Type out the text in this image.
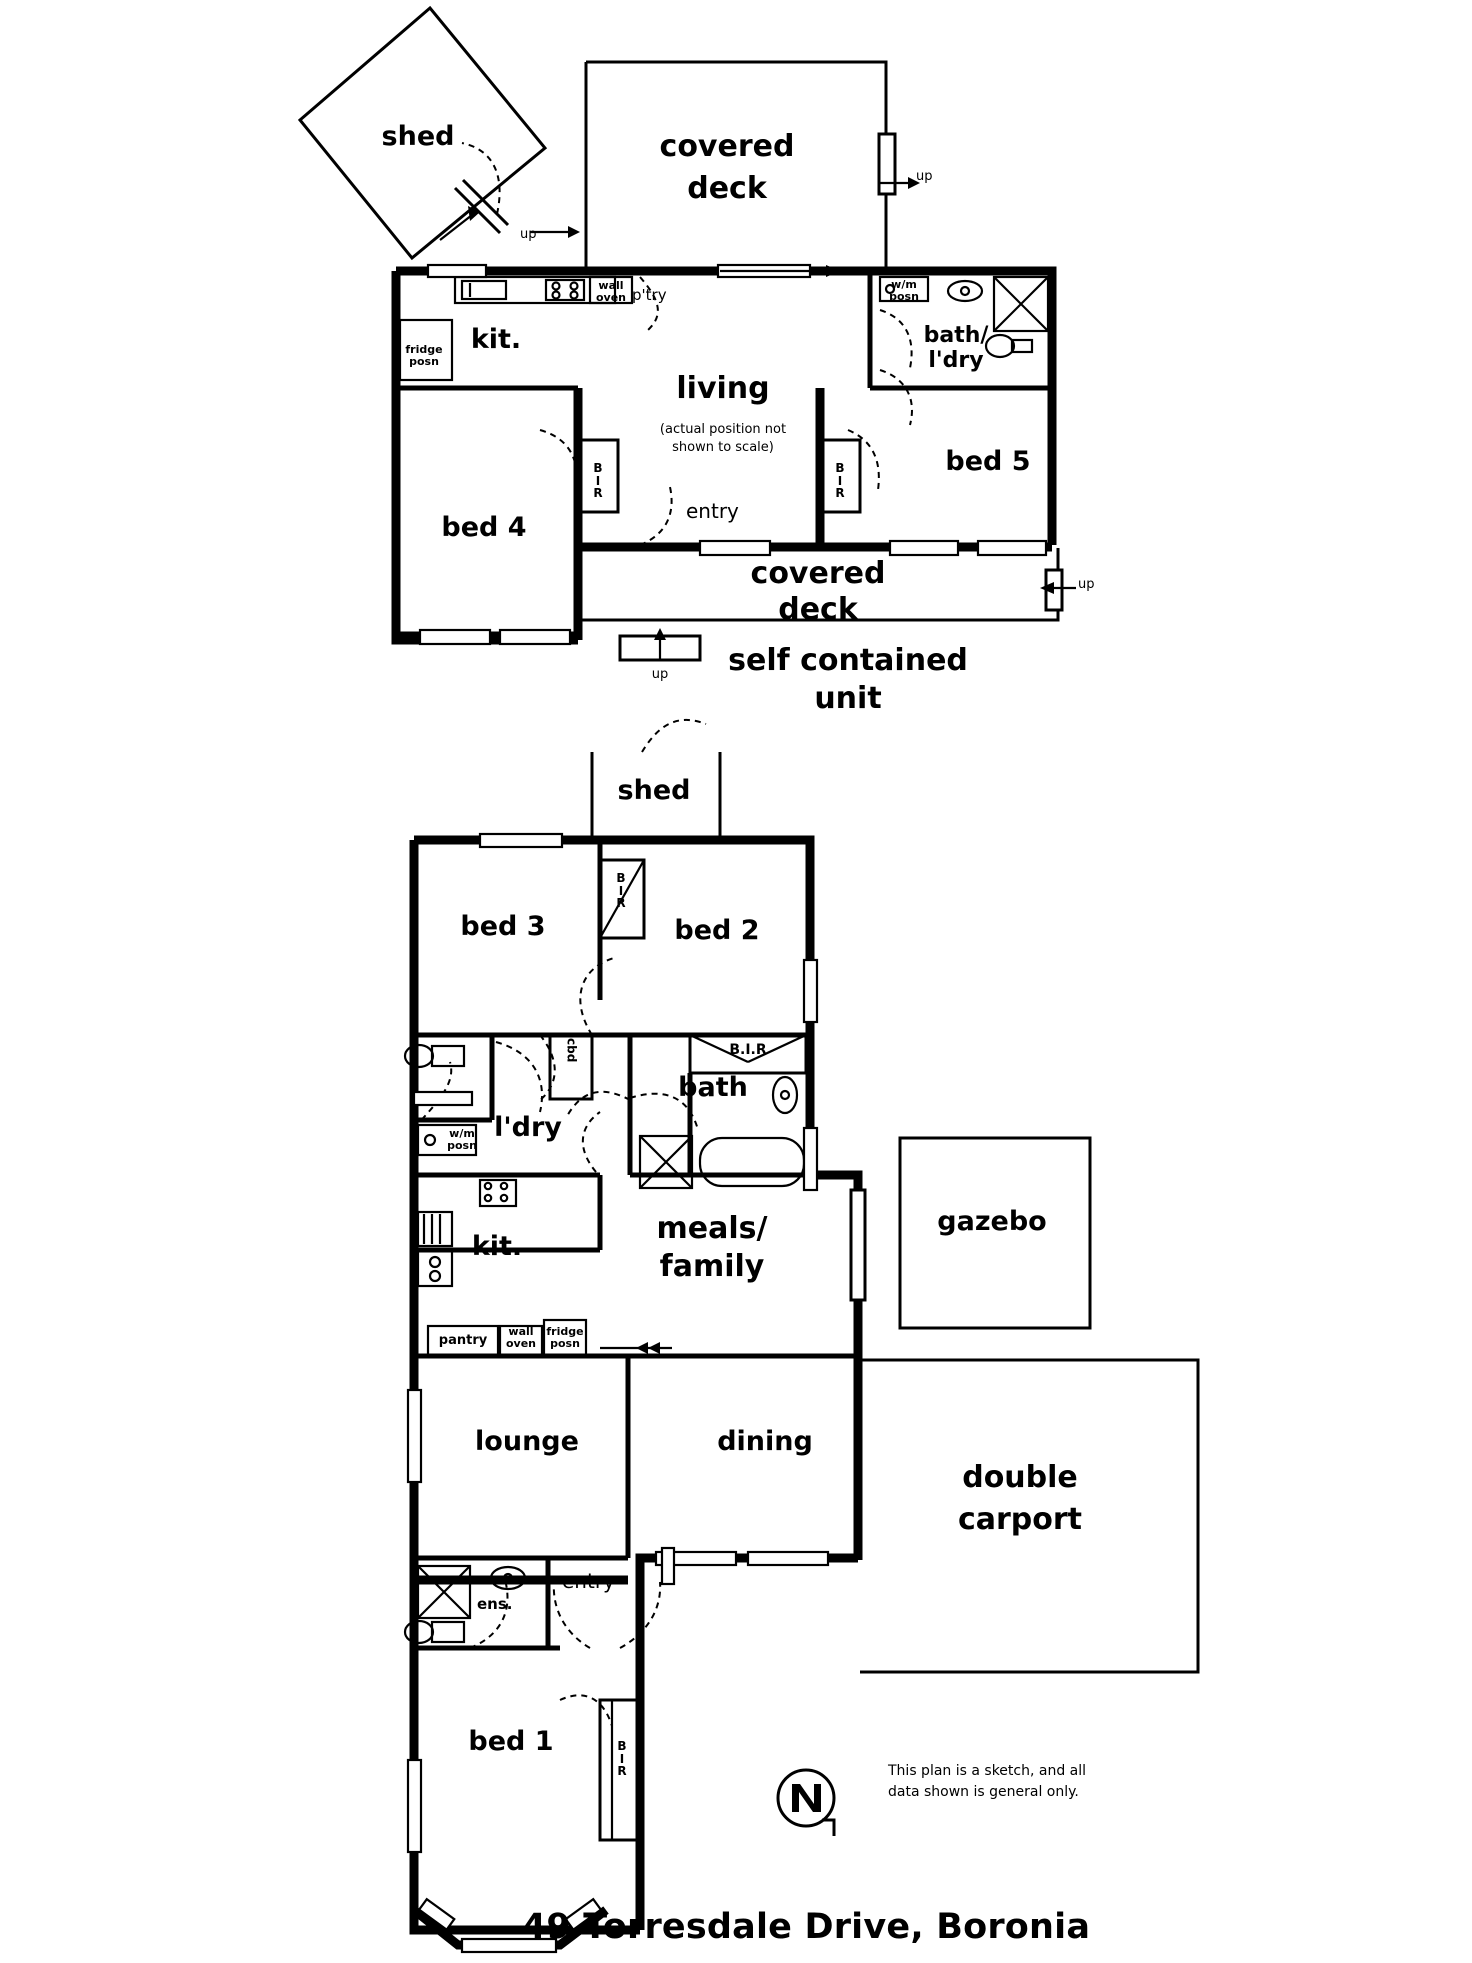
shed	covered
deck
kit.
living
(actual position not
shown to scale)
bath/
l'dry
bed 5
bed 4
covered
deck
entry
fridge
posn
wall
oven p'try
w/m
posn
B
I
R
B
I
R
up
up
up
up self contained
unit
shed
bed 3	bed 2
bath
l'dry
kit.
meals/
family
lounge	dining
entry
ens.
bed 1
gazebo
double
carport
B
I
R
cbd	B.I.R
w/m
posn
pantry
wall
oven
fridge
posn
B
I
R	This plan is a sketch, and all
data shown is general only.
49 Torresdale Drive, Boronia
